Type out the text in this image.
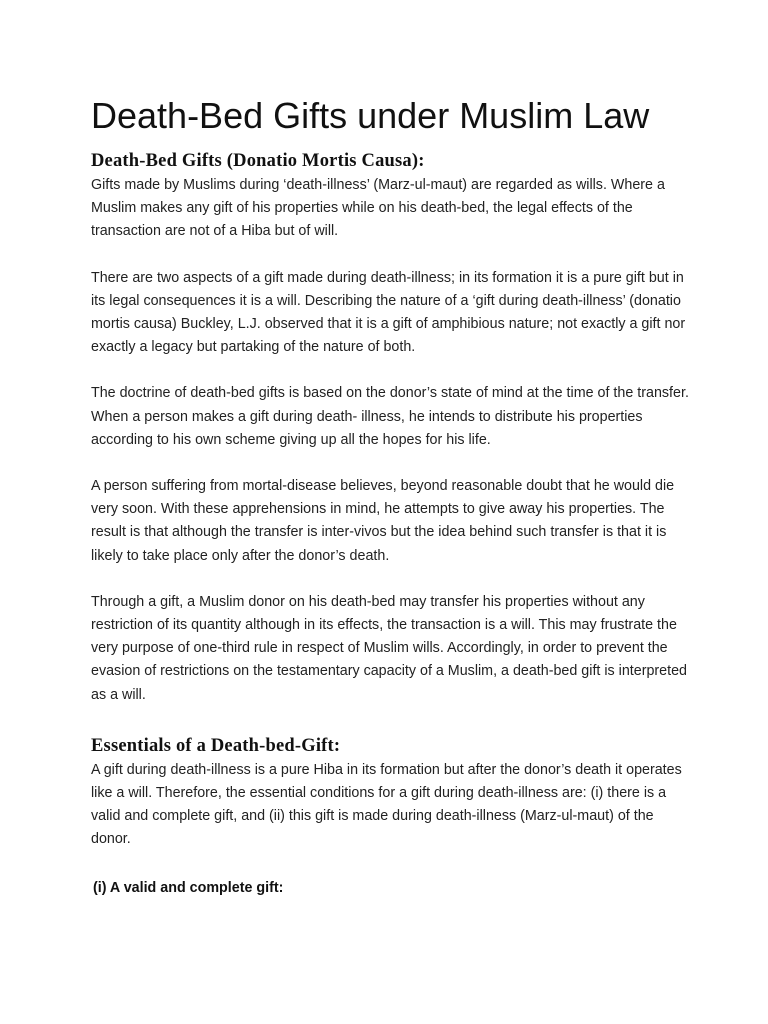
Death-Bed Gifts under Muslim Law
Death-Bed Gifts (Donatio Mortis Causa):

Gifts made by Muslims during ‘death-illness’ (Marz-ul-maut) are regarded as wills. Where a Muslim makes any gift of his properties while on his death-bed, the legal effects of the transaction are not of a Hiba but of will.

There are two aspects of a gift made during death-illness; in its formation it is a pure gift but in its legal consequences it is a will. Describing the nature of a ‘gift during death-illness’ (donatio mortis causa) Buckley, L.J. observed that it is a gift of amphibious nature; not exactly a gift nor exactly a legacy but partaking of the nature of both.

The doctrine of death-bed gifts is based on the donor’s state of mind at the time of the transfer. When a person makes a gift during death- illness, he intends to distribute his properties according to his own scheme giving up all the hopes for his life.

A person suffering from mortal-disease believes, beyond reasonable doubt that he would die very soon. With these apprehensions in mind, he attempts to give away his properties. The result is that although the transfer is inter-vivos but the idea behind such transfer is that it is likely to take place only after the donor’s death.

Through a gift, a Muslim donor on his death-bed may transfer his properties without any restriction of its quantity although in its effects, the transaction is a will. This may frustrate the very purpose of one-third rule in respect of Muslim wills. Accordingly, in order to prevent the evasion of restrictions on the testamentary capacity of a Muslim, a death-bed gift is interpreted as a will.

Essentials of a Death-bed-Gift:

A gift during death-illness is a pure Hiba in its formation but after the donor’s death it operates like a will. Therefore, the essential conditions for a gift during death-illness are: (i) there is a valid and complete gift, and (ii) this gift is made during death-illness (Marz-ul-maut) of the donor.

(i) A valid and complete gift:
